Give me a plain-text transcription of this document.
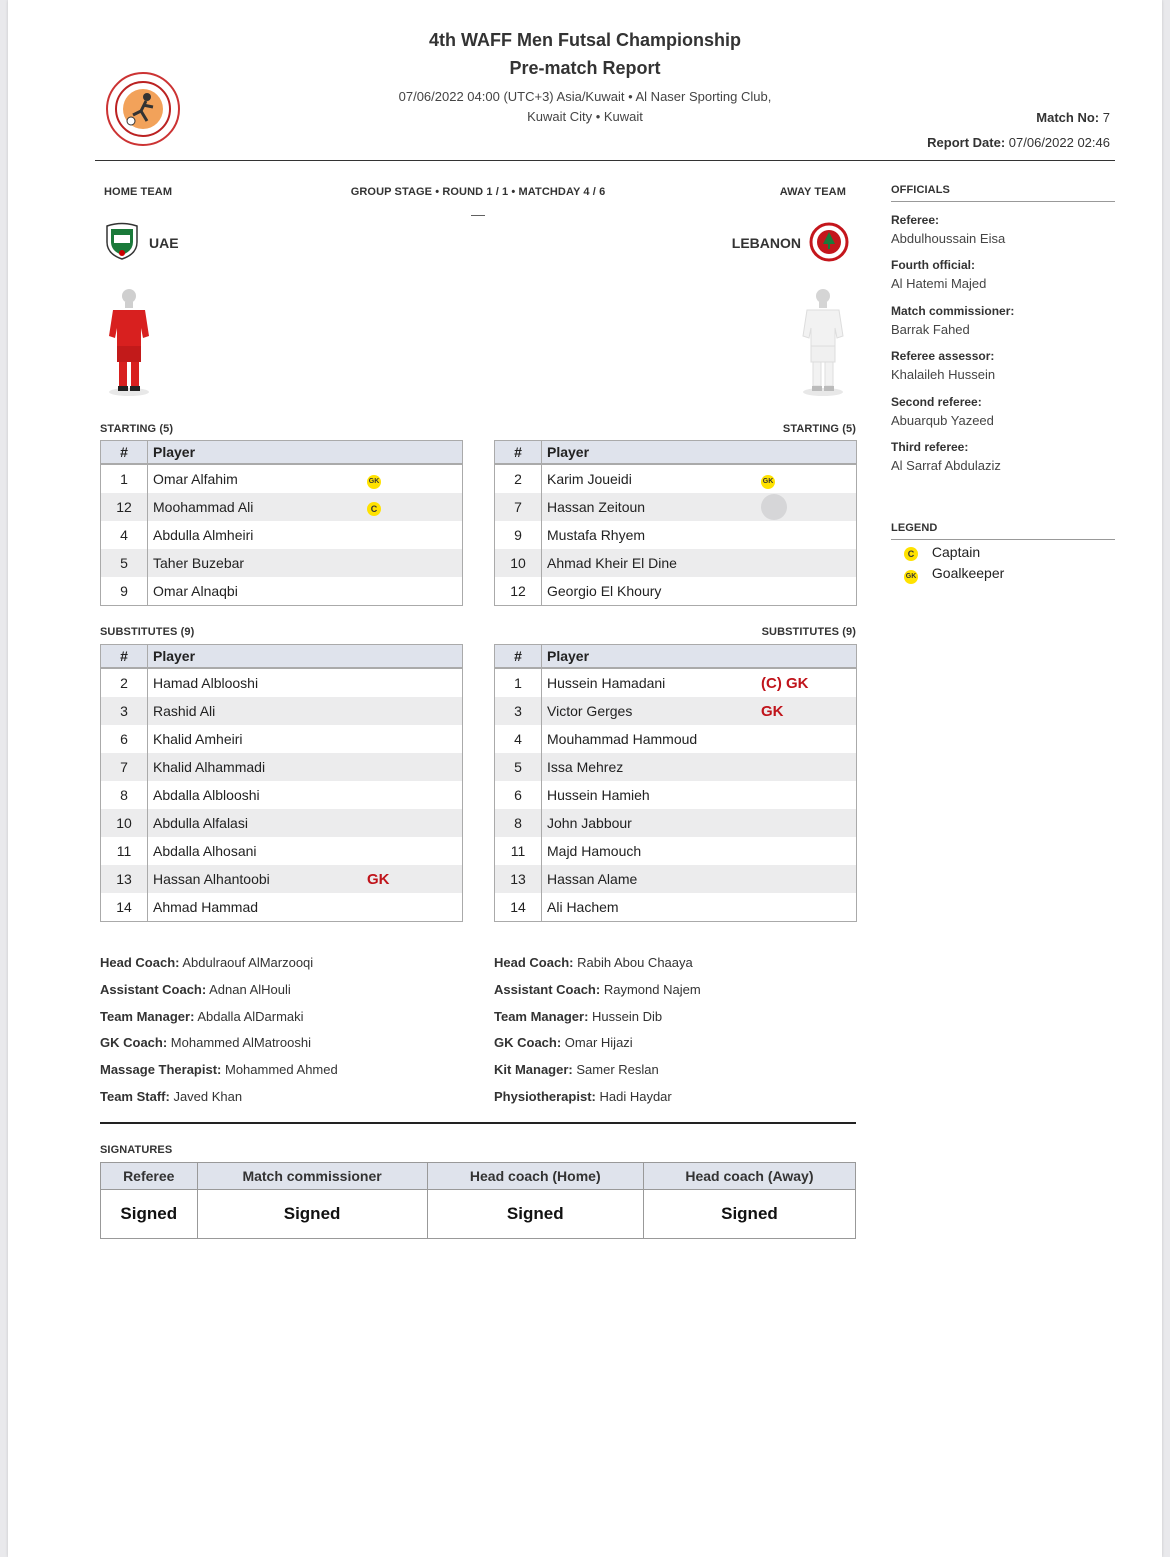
4th WAFF Men Futsal Championship
Pre-match Report
07/06/2022 04:00 (UTC+3) Asia/Kuwait • Al Naser Sporting Club,
Kuwait City • Kuwait	Match No: 7
Report Date: 07/06/2022 02:46
HOME TEAM	GROUP STAGE • ROUND 1 / 1 • MATCHDAY 4 / 6	AWAY TEAM
—
UAE	LEBANON
STARTING (5)	STARTING (5)
#	Player	
1	Omar Alfahim	GK
12	Moohammad Ali	C
4	Abdulla Almheiri	
5	Taher Buzebar	
9	Omar Alnaqbi	
#	Player	
2	Karim Joueidi	GK
7	Hassan Zeitoun	
9	Mustafa Rhyem	
10	Ahmad Kheir El Dine	
12	Georgio El Khoury	
SUBSTITUTES (9)	SUBSTITUTES (9)
#	Player	
2	Hamad Alblooshi	
3	Rashid Ali	
6	Khalid Amheiri	
7	Khalid Alhammadi	
8	Abdalla Alblooshi	
10	Abdulla Alfalasi	
11	Abdalla Alhosani	
13	Hassan Alhantoobi	GK
14	Ahmad Hammad	
#	Player	
1	Hussein Hamadani	(C) GK
3	Victor Gerges	GK
4	Mouhammad Hammoud	
5	Issa Mehrez	
6	Hussein Hamieh	
8	John Jabbour	
11	Majd Hamouch	
13	Hassan Alame	
14	Ali Hachem	
Head Coach: Abdulraouf AlMarzooqi
Assistant Coach: Adnan AlHouli
Team Manager: Abdalla AlDarmaki
GK Coach: Mohammed AlMatrooshi
Massage Therapist: Mohammed Ahmed
Team Staff: Javed Khan
Head Coach: Rabih Abou Chaaya
Assistant Coach: Raymond Najem
Team Manager: Hussein Dib
GK Coach: Omar Hijazi
Kit Manager: Samer Reslan
Physiotherapist: Hadi Haydar
SIGNATURES
Referee	Match commissioner	Head coach (Home)	Head coach (Away)
Signed	Signed	Signed	Signed
OFFICIALS
Referee:
Abdulhoussain Eisa
Fourth official:
Al Hatemi Majed
Match commissioner:
Barrak Fahed
Referee assessor:
Khalaileh Hussein
Second referee:
Abuarqub Yazeed
Third referee:
Al Sarraf Abdulaziz
LEGEND
C Captain
GK Goalkeeper
